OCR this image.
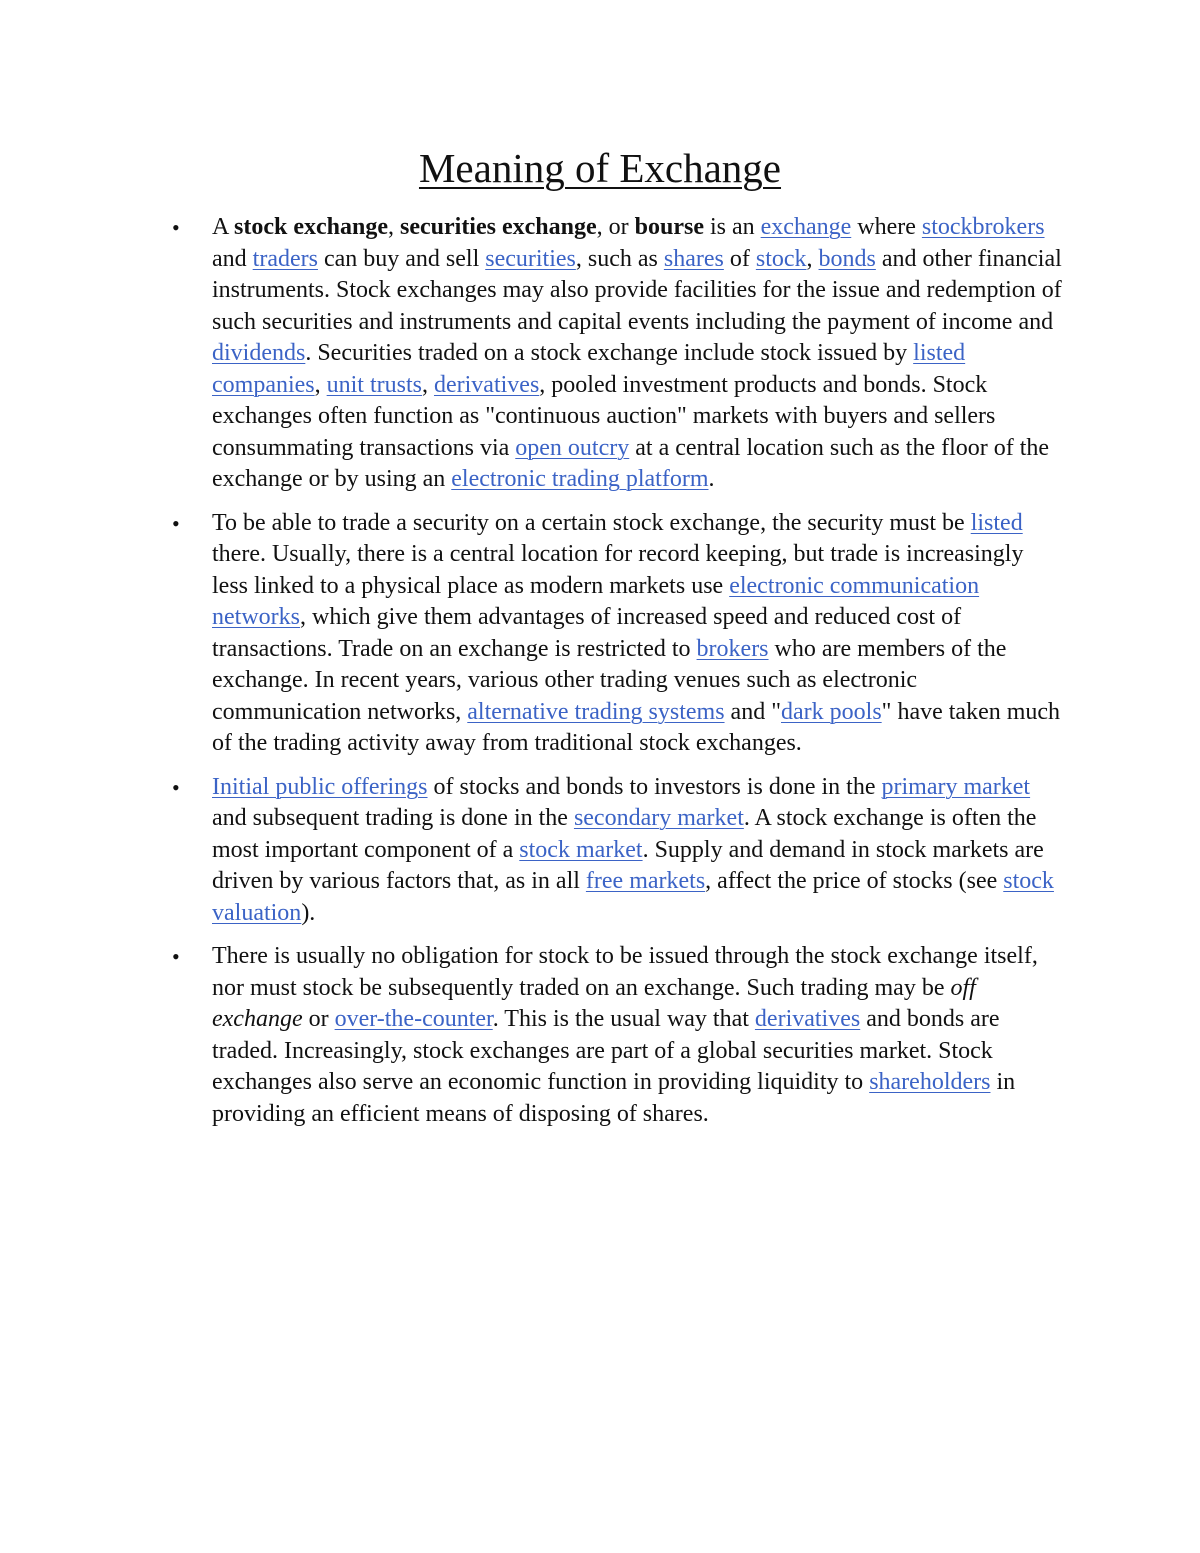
Meaning of Exchange
• A stock exchange, securities exchange, or bourse is an exchange where stockbrokers and traders can buy and sell securities, such as shares of stock, bonds and other financial instruments. Stock exchanges may also provide facilities for the issue and redemption of such securities and instruments and capital events including the payment of income and dividends. Securities traded on a stock exchange include stock issued by listed companies, unit trusts, derivatives, pooled investment products and bonds. Stock exchanges often function as "continuous auction" markets with buyers and sellers consummating transactions via open outcry at a central location such as the floor of the exchange or by using an electronic trading platform.
• To be able to trade a security on a certain stock exchange, the security must be listed there. Usually, there is a central location for record keeping, but trade is increasingly less linked to a physical place as modern markets use electronic communication networks, which give them advantages of increased speed and reduced cost of transactions. Trade on an exchange is restricted to brokers who are members of the exchange. In recent years, various other trading venues such as electronic communication networks, alternative trading systems and "dark pools" have taken much of the trading activity away from traditional stock exchanges.
• Initial public offerings of stocks and bonds to investors is done in the primary market and subsequent trading is done in the secondary market. A stock exchange is often the most important component of a stock market. Supply and demand in stock markets are driven by various factors that, as in all free markets, affect the price of stocks (see stock valuation).
• There is usually no obligation for stock to be issued through the stock exchange itself, nor must stock be subsequently traded on an exchange. Such trading may be off exchange or over-the-counter. This is the usual way that derivatives and bonds are traded. Increasingly, stock exchanges are part of a global securities market. Stock exchanges also serve an economic function in providing liquidity to shareholders in providing an efficient means of disposing of shares.
